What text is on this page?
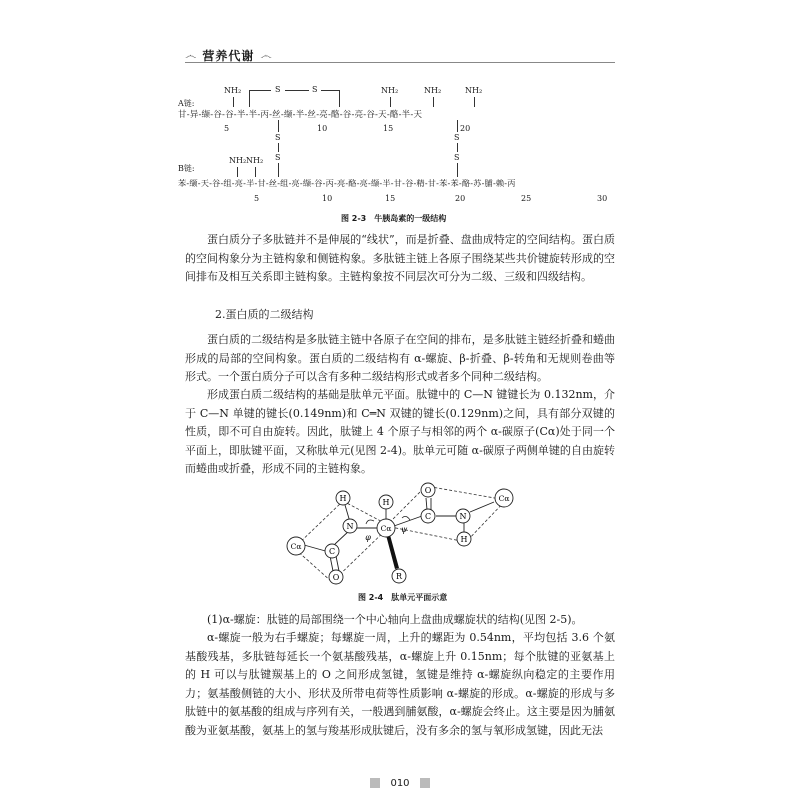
෴ 营养代谢 ෴
NH₂	NH₂	NH₂	NH₂
S	S
A链:
甘-异-缬-谷-谷-半-半-丙-丝-缬-半-丝-亮-酪-谷-亮-谷-天-酪-半-天
5	10	15	20
S
S
S
S
B链:
NH₂ NH₂
苯-缬-天-谷-组-亮-半-甘-丝-组-亮-缬-谷-丙-亮-酪-亮-缬-半-甘-谷-精-甘-苯-苯-酪-苏-脯-赖-丙
5	10	15	20	25	30
图 2-3　牛胰岛素的一级结构
蛋白质分子多肽链并不是伸展的“线状”，而是折叠、盘曲成特定的空间结构。蛋白质的空间构象分为主链构象和侧链构象。多肽链主链上各原子围绕某些共价键旋转形成的空间排布及相互关系即主链构象。主链构象按不同层次可分为二级、三级和四级结构。
2.蛋白质的二级结构
蛋白质的二级结构是多肽链主链中各原子在空间的排布，是多肽链主链经折叠和蜷曲形成的局部的空间构象。蛋白质的二级结构有 α-螺旋、β-折叠、β-转角和无规则卷曲等形式。一个蛋白质分子可以含有多种二级结构形式或者多个同种二级结构。
形成蛋白质二级结构的基础是肽单元平面。肽键中的 C—N 键键长为 0.132nm，介于 C—N 单键的键长(0.149nm)和 C═N 双键的键长(0.129nm)之间，具有部分双键的性质，即不可自由旋转。因此，肽键上 4 个原子与相邻的两个 α-碳原子(Cα)处于同一个平面上，即肽键平面，又称肽单元(见图 2-4)。肽单元可随 α-碳原子两侧单键的自由旋转而蜷曲或折叠，形成不同的主链构象。
H
N
C
O
Cα
Cα
H
R
C
O
N
H
Cα
φ
ψ
图 2-4　肽单元平面示意
(1)α-螺旋：肽链的局部围绕一个中心轴向上盘曲成螺旋状的结构(见图 2-5)。
α-螺旋一般为右手螺旋；每螺旋一周，上升的螺距为 0.54nm，平均包括 3.6 个氨基酸残基，多肽链每延长一个氨基酸残基，α-螺旋上升 0.15nm；每个肽键的亚氨基上的 H 可以与肽键羰基上的 O 之间形成氢键，氢键是维持 α-螺旋纵向稳定的主要作用力；氨基酸侧链的大小、形状及所带电荷等性质影响 α-螺旋的形成。α-螺旋的形成与多肽链中的氨基酸的组成与序列有关，一般遇到脯氨酸，α-螺旋会终止。这主要是因为脯氨酸为亚氨基酸，氨基上的氢与羧基形成肽键后，没有多余的氢与氧形成氢键，因此无法
010
